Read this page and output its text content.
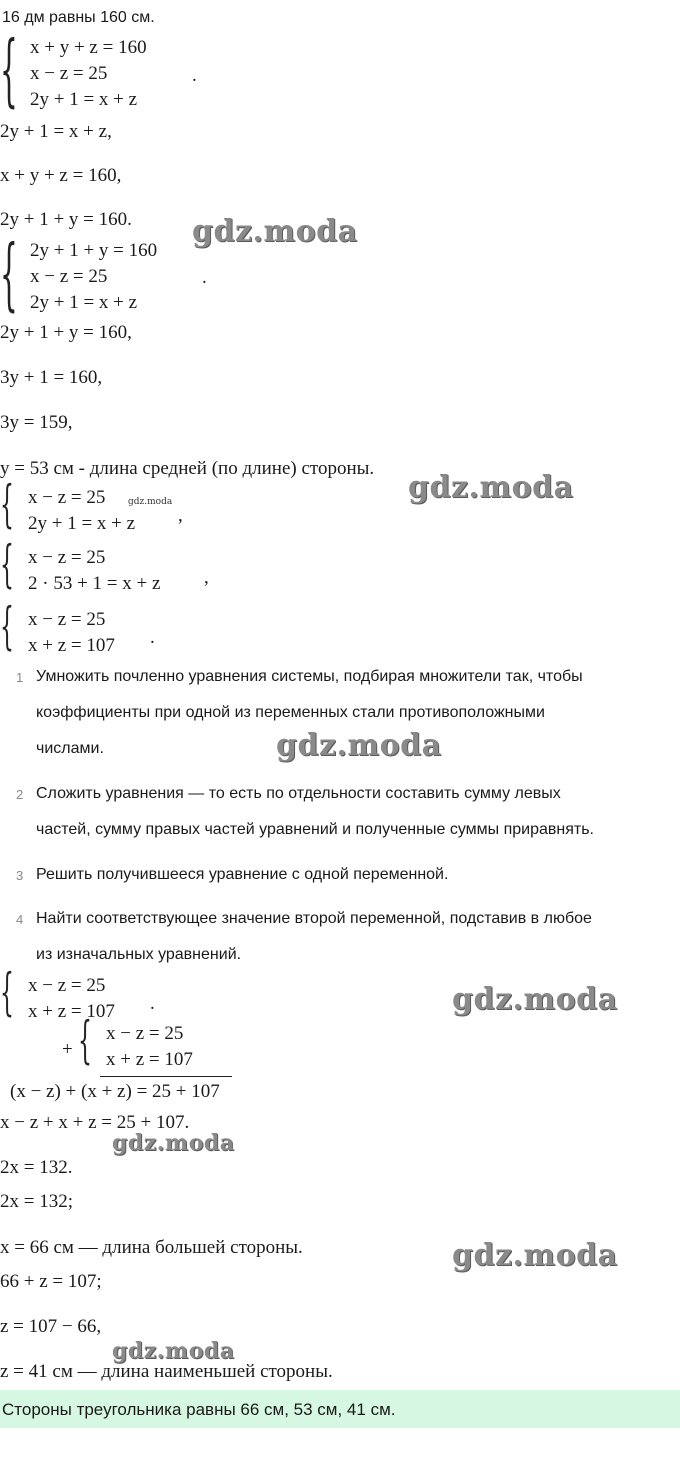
16 дм равны 160 см.
{ x + y + z = 160
x − z = 25
2y + 1 = x + z
.
2y + 1 = x + z,
x + y + z = 160,
2y + 1 + y = 160. gdz.moda
{ 2y + 1 + y = 160
x − z = 25
2y + 1 = x + z
.
2y + 1 + y = 160,
3y + 1 = 160,
3y = 159,
y = 53 см - длина средней (по длине) стороны.
gdz.moda
{ x − z = 25	gdz.moda
2y + 1 = x + z ,
{ x − z = 25
2 · 53 + 1 = x + z ,
{ x − z = 25
x + z = 107 .
1 Умножить почленно уравнения системы, подбирая множители так, чтобы
коэффициенты при одной из переменных стали противоположными
числами.
2 Сложить уравнения — то есть по отдельности составить сумму левых
частей, сумму правых частей уравнений и полученные суммы приравнять.
3 Решить получившееся уравнение с одной переменной.
4 Найти соответствующее значение второй переменной, подставив в любое
из изначальных уравнений.
gdz.moda
{ x − z = 25
x + z = 107 .	gdz.moda
+ { x − z = 25
x + z = 107
(x − z) + (x + z) = 25 + 107
x − z + x + z = 25 + 107.
gdz.moda
2x = 132.
2x = 132;
x = 66 см — длина большей стороны.	gdz.moda
66 + z = 107;
z = 107 − 66,
gdz.moda
z = 41 см — длина наименьшей стороны.
Стороны треугольника равны 66 см, 53 см, 41 см.
